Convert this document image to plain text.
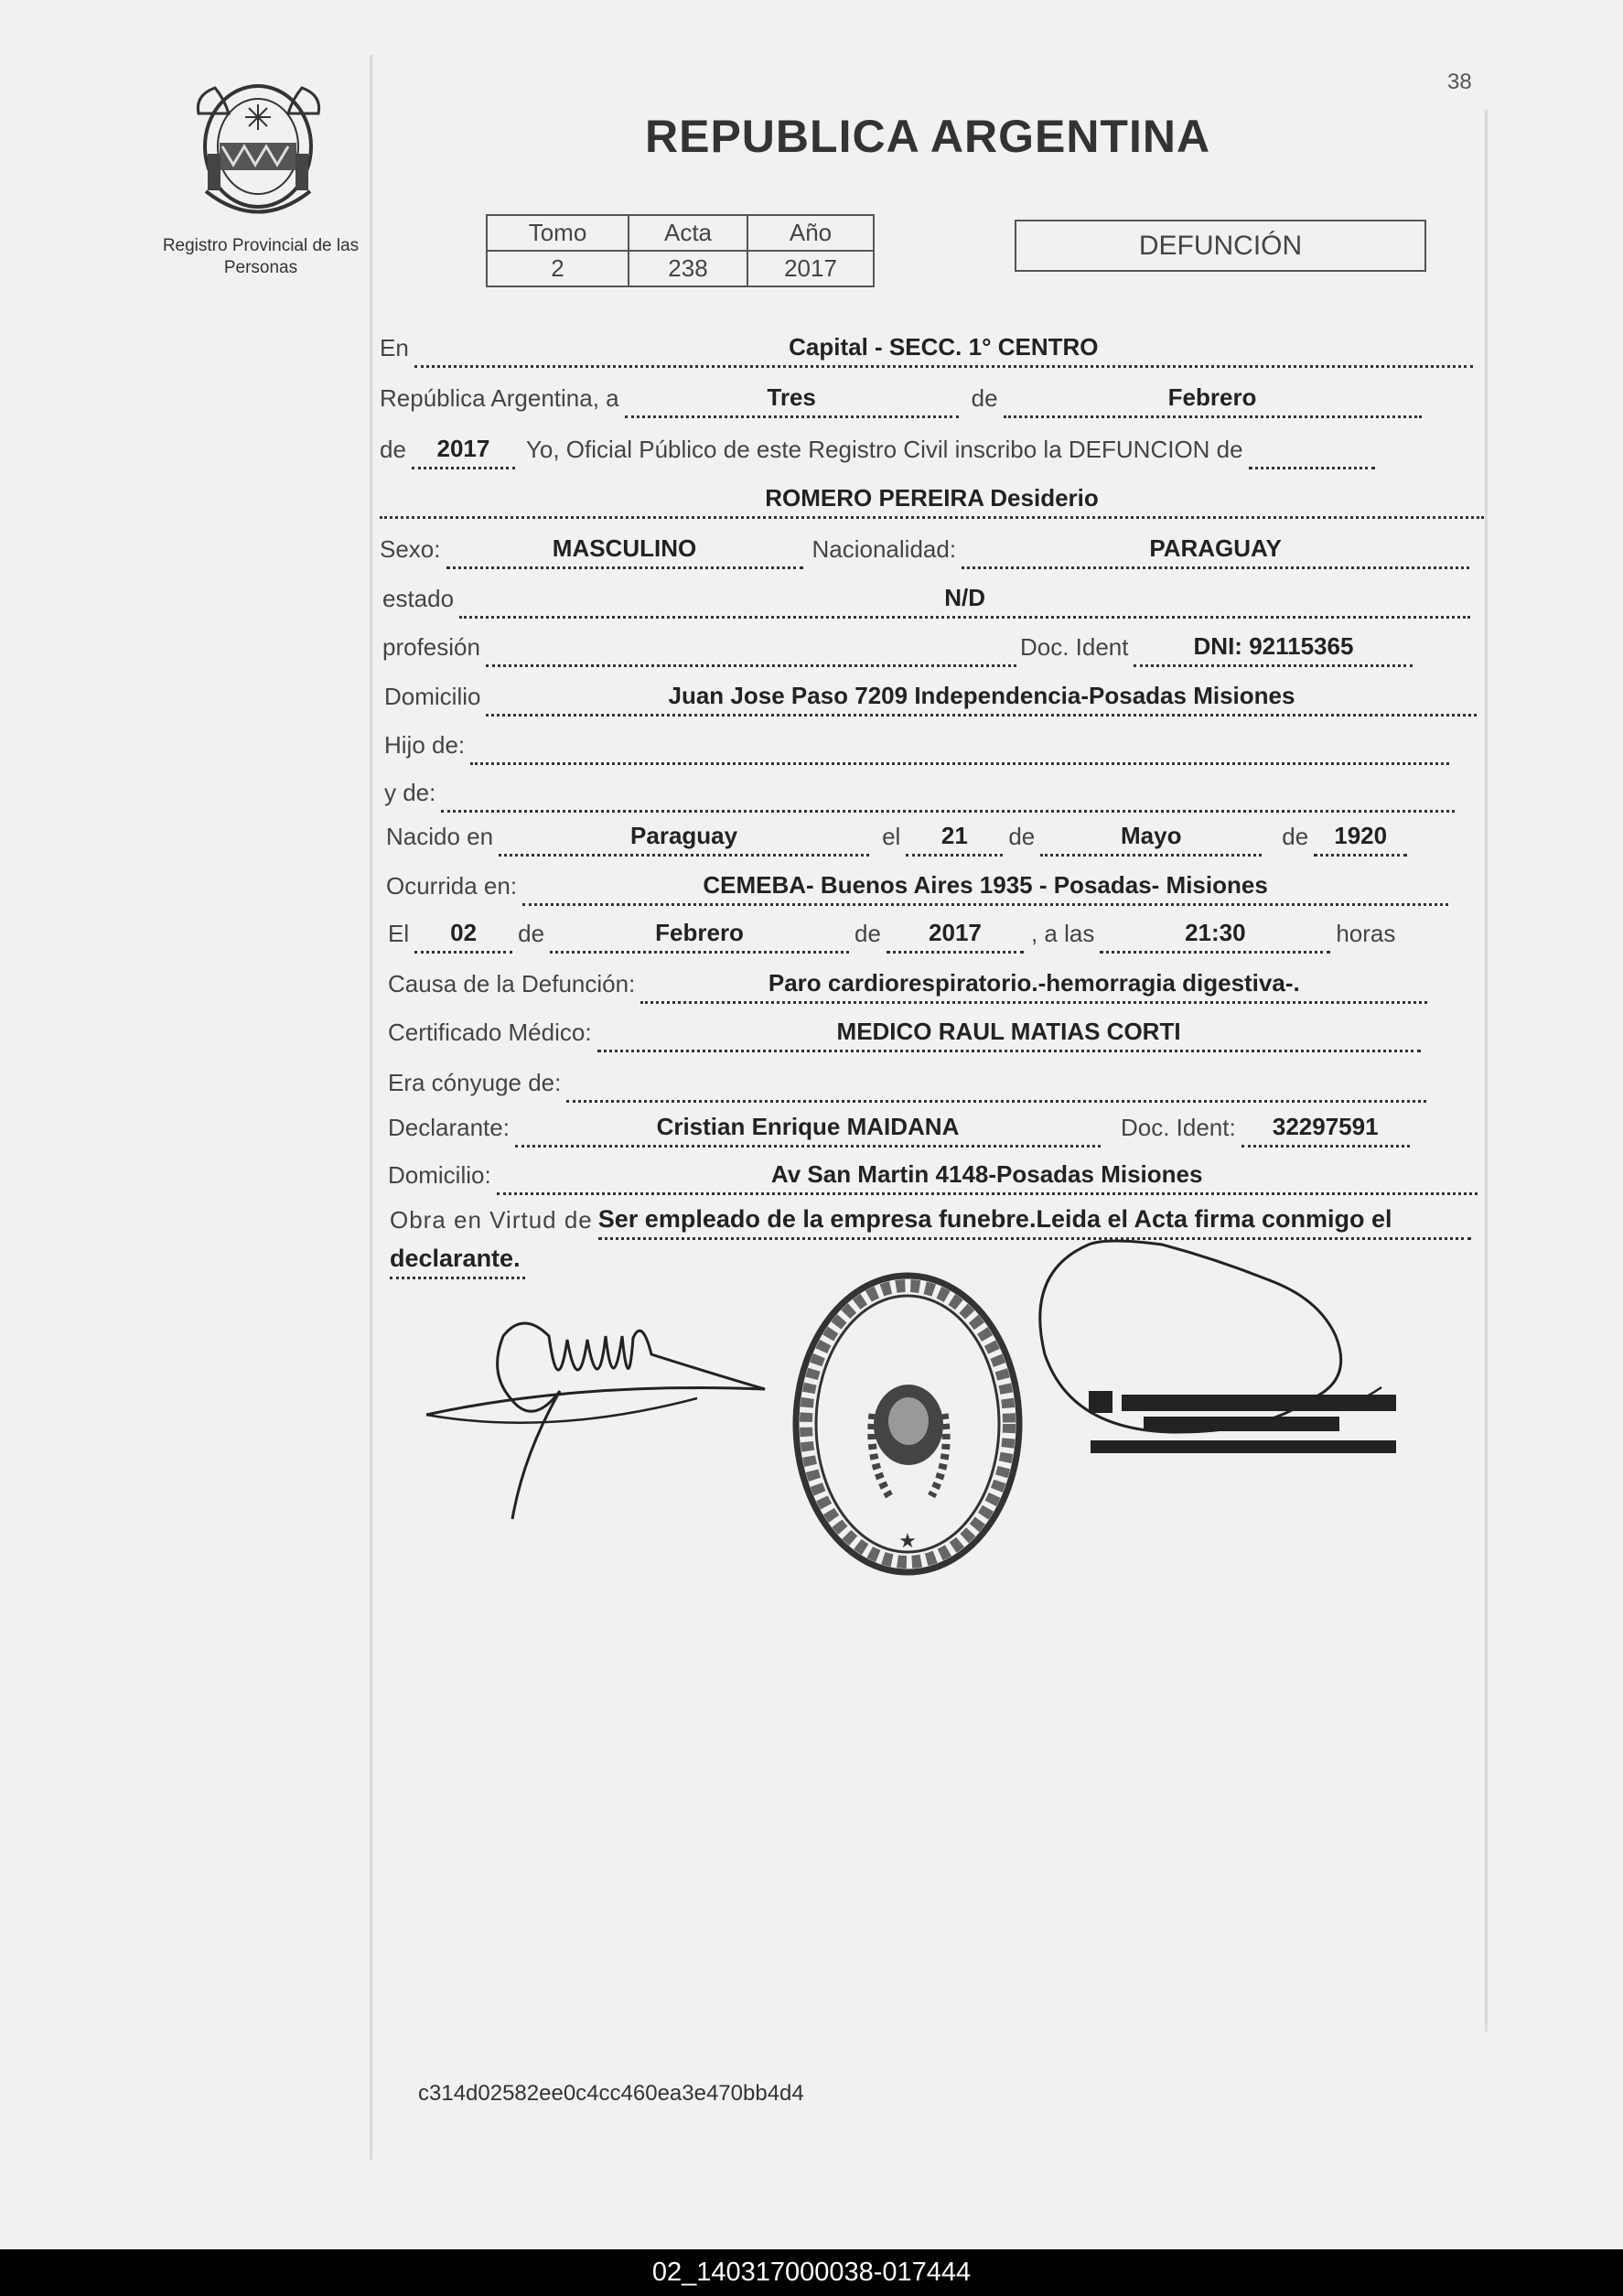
Registro Provincial de las Personas
38
REPUBLICA ARGENTINA
Tomo	Acta	Año
2	238	2017
DEFUNCIÓN
En	Capital - SECC. 1° CENTRO
República Argentina, a	Tres	de	Febrero
de	2017	Yo, Oficial Público de este Registro Civil inscribo la DEFUNCION de
ROMERO PEREIRA Desiderio
Sexo:	MASCULINO	Nacionalidad:	PARAGUAY
estado	N/D
profesión	Doc. Ident	DNI: 92115365
Domicilio	Juan Jose Paso 7209 Independencia-Posadas Misiones
Hijo de:
y de:
Nacido en	Paraguay	el	21	de	Mayo	de	1920
Ocurrida en:	CEMEBA- Buenos Aires 1935 - Posadas- Misiones
El	02	de	Febrero	de	2017	, a las	21:30	horas
Causa de la Defunción:	Paro cardiorespiratorio.-hemorragia digestiva-.
Certificado Médico:	MEDICO RAUL MATIAS CORTI
Era cónyuge de:
Declarante:	Cristian Enrique MAIDANA	Doc. Ident:	32297591
Domicilio:	Av San Martin 4148-Posadas Misiones
Obra en Virtud de Ser empleado de la empresa funebre.Leida el Acta firma conmigo el
declarante.
★
c314d02582ee0c4cc460ea3e470bb4d4
02_140317000038-017444
